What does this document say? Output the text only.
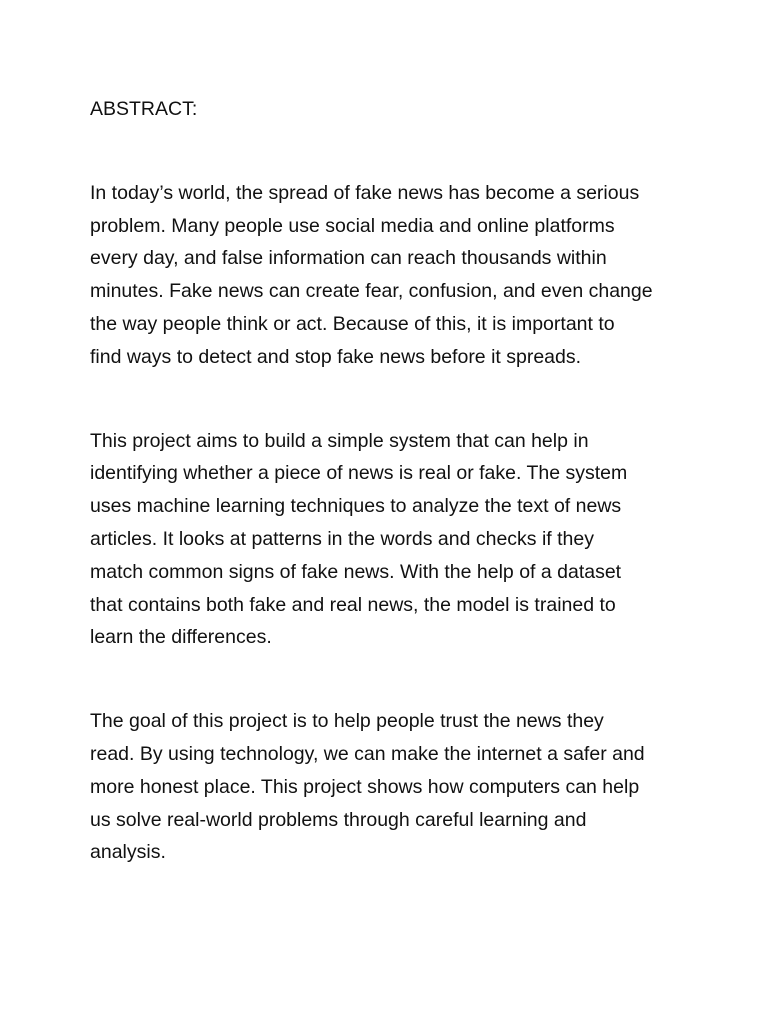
ABSTRACT:

In today’s world, the spread of fake news has become a serious
problem. Many people use social media and online platforms
every day, and false information can reach thousands within
minutes. Fake news can create fear, confusion, and even change
the way people think or act. Because of this, it is important to
find ways to detect and stop fake news before it spreads.

This project aims to build a simple system that can help in
identifying whether a piece of news is real or fake. The system
uses machine learning techniques to analyze the text of news
articles. It looks at patterns in the words and checks if they
match common signs of fake news. With the help of a dataset
that contains both fake and real news, the model is trained to
learn the differences.

The goal of this project is to help people trust the news they
read. By using technology, we can make the internet a safer and
more honest place. This project shows how computers can help
us solve real-world problems through careful learning and
analysis.
